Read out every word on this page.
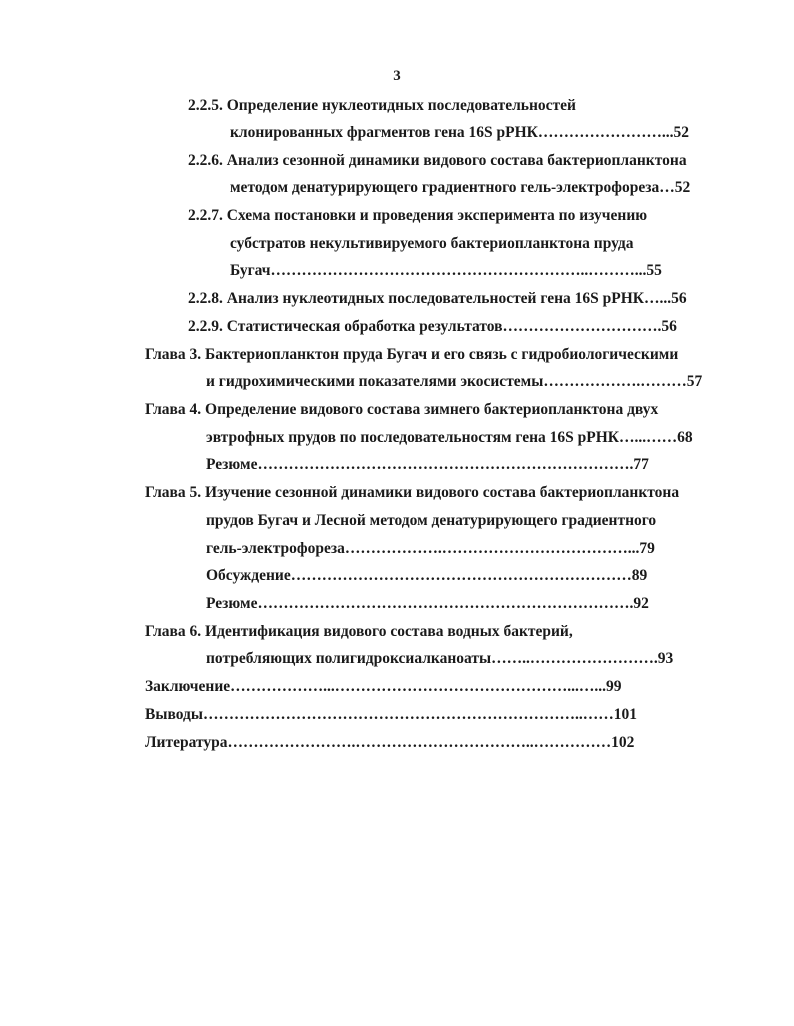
3
2.2.5. Определение нуклеотидных последовательностей
клонированных фрагментов гена 16S рРНК……………………...52
2.2.6. Анализ сезонной динамики видового состава бактериопланктона
методом денатурирующего градиентного гель-электрофореза…52
2.2.7. Схема постановки и проведения эксперимента по изучению
субстратов некультивируемого бактериопланктона пруда
Бугач……………………………………………………..………...55
2.2.8. Анализ нуклеотидных последовательностей гена 16S рРНК…...56
2.2.9. Статистическая обработка результатов………………………….56
Глава 3. Бактериопланктон пруда Бугач и его связь с гидробиологическими
и гидрохимическими показателями экосистемы……………….………57
Глава 4. Определение видового состава зимнего бактериопланктона двух
эвтрофных прудов по последовательностям гена 16S рРНК…...……68
Резюме……………………………………………………………….77
Глава 5. Изучение сезонной динамики видового состава бактериопланктона
прудов Бугач и Лесной методом денатурирующего градиентного
гель-электрофореза……………….………………………………...79
Обсуждение…………………………………………………………89
Резюме……………………………………………………………….92
Глава 6. Идентификация видового состава водных бактерий,
потребляющих полигидроксиалканоаты……..…………………….93
Заключение………………...………………………………………...…...99
Выводы………………………………………………………………..……101
Литература…………………….……………………………..……………102
